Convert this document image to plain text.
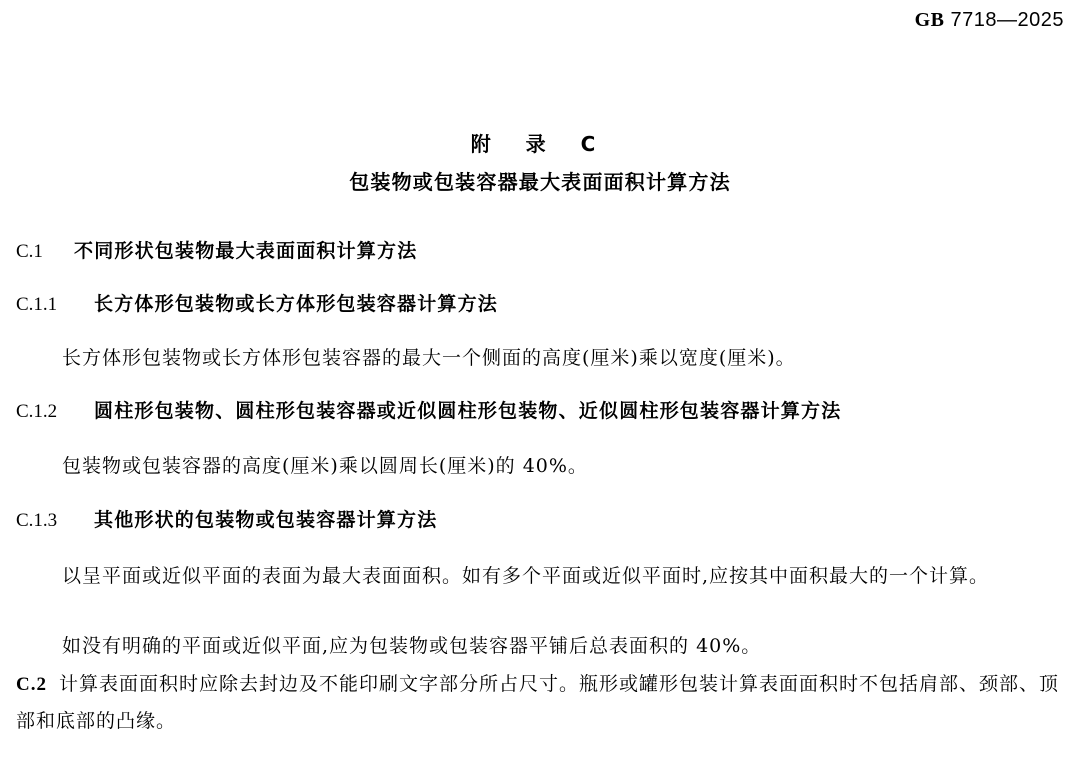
GB 7718—2025
附 录 C
包装物或包装容器最大表面面积计算方法
C.1 不同形状包装物最大表面面积计算方法
C.1.1 长方体形包装物或长方体形包装容器计算方法
长方体形包装物或长方体形包装容器的最大一个侧面的高度(厘米)乘以宽度(厘米)。
C.1.2 圆柱形包装物、圆柱形包装容器或近似圆柱形包装物、近似圆柱形包装容器计算方法
包装物或包装容器的高度(厘米)乘以圆周长(厘米)的 40%。
C.1.3 其他形状的包装物或包装容器计算方法
以呈平面或近似平面的表面为最大表面面积。如有多个平面或近似平面时,应按其中面积最大的一个计算。
如没有明确的平面或近似平面,应为包装物或包装容器平铺后总表面积的 40%。
C.2 计算表面面积时应除去封边及不能印刷文字部分所占尺寸。瓶形或罐形包装计算表面面积时不包括肩部、颈部、顶部和底部的凸缘。
